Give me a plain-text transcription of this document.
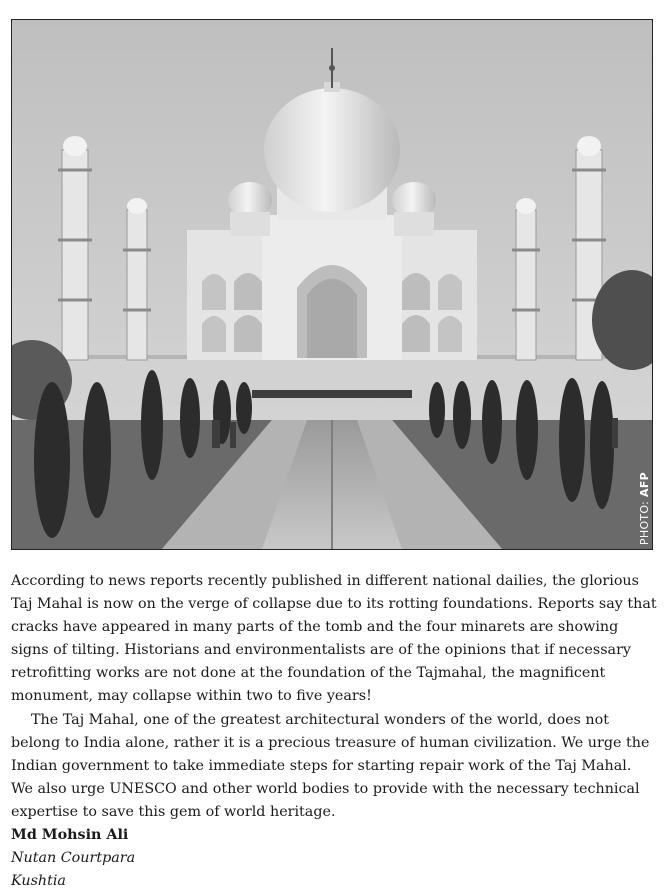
PHOTO: AFP

According to news reports recently published in different national dailies, the glorious Taj Mahal is now on the verge of collapse due to its rotting foundations. Reports say that cracks have appeared in many parts of the tomb and the four minarets are showing signs of tilting. Historians and environmentalists are of the opinions that if necessary retrofitting works are not done at the foundation of the Tajmahal, the magnificent monument, may collapse within two to five years!

The Taj Mahal, one of the greatest architectural wonders of the world, does not belong to India alone, rather it is a precious treasure of human civilization. We urge the Indian government to take immediate steps for starting repair work of the Taj Mahal. We also urge UNESCO and other world bodies to provide with the necessary technical expertise to save this gem of world heritage.

Md Mohsin Ali
Nutan Courtpara
Kushtia
